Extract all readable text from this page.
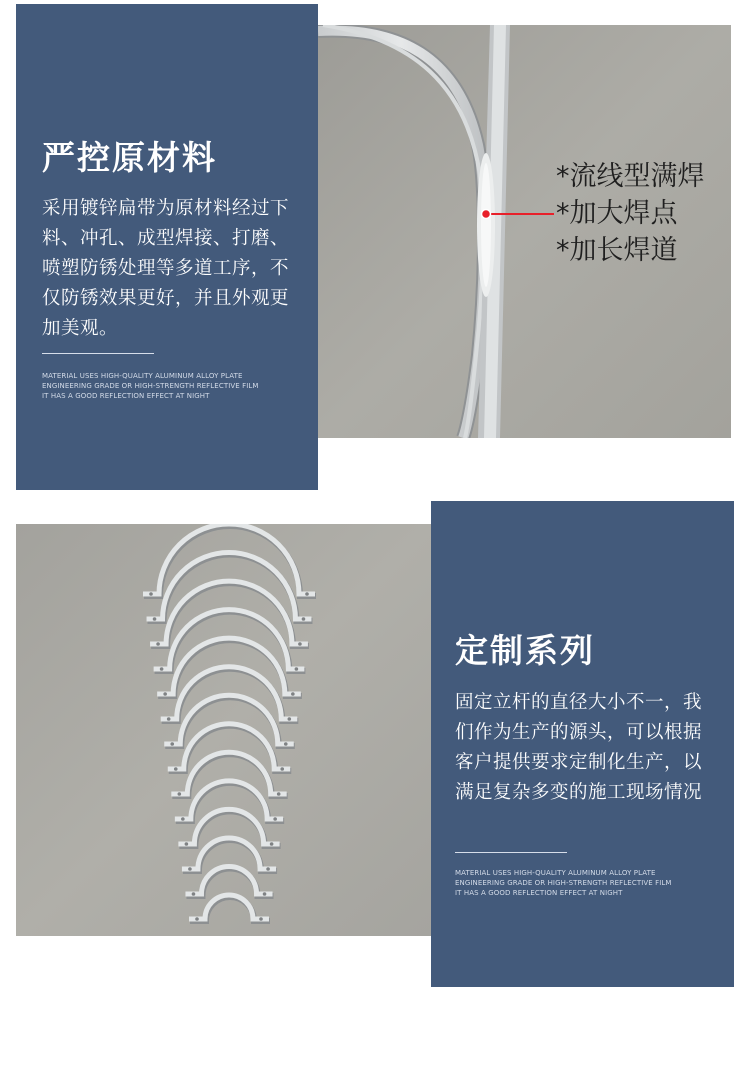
严控原材料
采用镀锌扁带为原材料经过下料、冲孔、成型焊接、打磨、喷塑防锈处理等多道工序，不仅防锈效果更好，并且外观更加美观。
MATERIAL USES HIGH-QUALITY ALUMINUM ALLOY PLATE
ENGINEERING GRADE OR HIGH-STRENGTH REFLECTIVE FILM
IT HAS A GOOD REFLECTION EFFECT AT NIGHT
*流线型满焊
*加大焊点
*加长焊道
定制系列
固定立杆的直径大小不一，我们作为生产的源头，可以根据客户提供要求定制化生产，以满足复杂多变的施工现场情况
MATERIAL USES HIGH-QUALITY ALUMINUM ALLOY PLATE
ENGINEERING GRADE OR HIGH-STRENGTH REFLECTIVE FILM
IT HAS A GOOD REFLECTION EFFECT AT NIGHT
